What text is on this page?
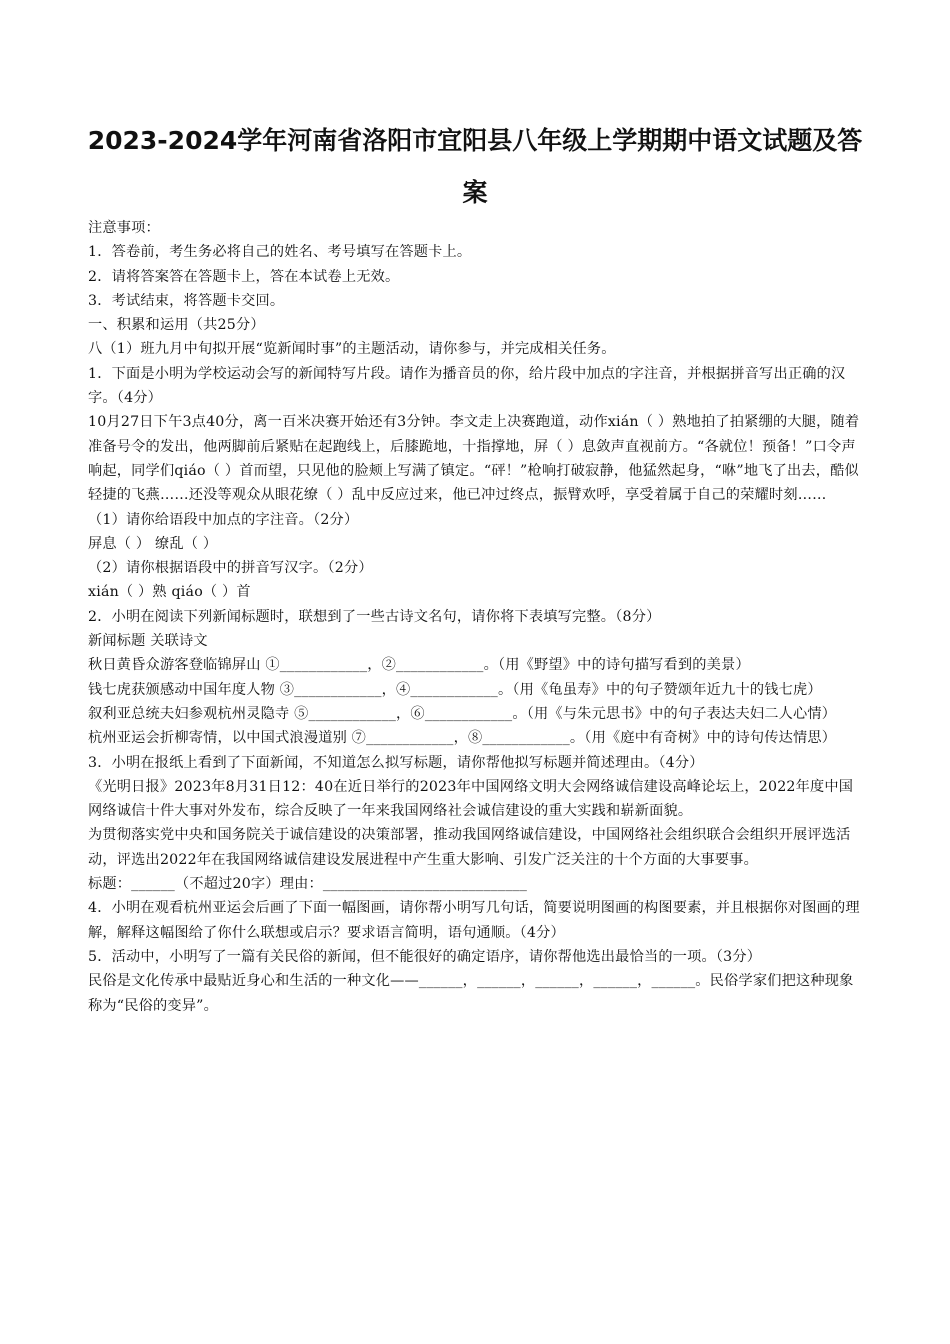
2023-2024学年河南省洛阳市宜阳县八年级上学期期中语文试题及答
案

注意事项：

1．答卷前，考生务必将自己的姓名、考号填写在答题卡上。

2．请将答案答在答题卡上，答在本试卷上无效。

3．考试结束，将答题卡交回。

一、积累和运用（共25分）

八（1）班九月中旬拟开展“览新闻时事”的主题活动，请你参与，并完成相关任务。

1．下面是小明为学校运动会写的新闻特写片段。请作为播音员的你，给片段中加点的字注音，并根据拼音写出正确的汉字。（4分）

10月27日下午3点40分，离一百米决赛开始还有3分钟。李文走上决赛跑道，动作xián（ ）熟地拍了拍紧绷的大腿，随着准备号令的发出，他两脚前后紧贴在起跑线上，后膝跪地，十指撑地，屏（ ）息敛声直视前方。“各就位！预备！”口令声响起，同学们qiáo（ ）首而望，只见他的脸颊上写满了镇定。“砰！”枪响打破寂静，他猛然起身，“咻”地飞了出去，酷似轻捷的飞燕……还没等观众从眼花缭（ ）乱中反应过来，他已冲过终点，振臂欢呼，享受着属于自己的荣耀时刻……

（1）请你给语段中加点的字注音。（2分）

屏息（ ） 缭乱（ ）

（2）请你根据语段中的拼音写汉字。（2分）

xián（ ）熟 qiáo（ ）首

2．小明在阅读下列新闻标题时，联想到了一些古诗文名句，请你将下表填写完整。（8分）

新闻标题 关联诗文

秋日黄昏众游客登临锦屏山 ①____________，②____________。（用《野望》中的诗句描写看到的美景）

钱七虎获颁感动中国年度人物 ③____________，④____________。（用《龟虽寿》中的句子赞颂年近九十的钱七虎）

叙利亚总统夫妇参观杭州灵隐寺 ⑤____________，⑥____________。（用《与朱元思书》中的句子表达夫妇二人心情）

杭州亚运会折柳寄情，以中国式浪漫道别 ⑦____________，⑧____________。（用《庭中有奇树》中的诗句传达情思）

3．小明在报纸上看到了下面新闻，不知道怎么拟写标题，请你帮他拟写标题并简述理由。（4分）

《光明日报》2023年8月31日12：40在近日举行的2023年中国网络文明大会网络诚信建设高峰论坛上，2022年度中国网络诚信十件大事对外发布，综合反映了一年来我国网络社会诚信建设的重大实践和崭新面貌。

为贯彻落实党中央和国务院关于诚信建设的决策部署，推动我国网络诚信建设，中国网络社会组织联合会组织开展评选活动，评选出2022年在我国网络诚信建设发展进程中产生重大影响、引发广泛关注的十个方面的大事要事。

标题：______（不超过20字）理由：____________________________

4．小明在观看杭州亚运会后画了下面一幅图画，请你帮小明写几句话，简要说明图画的构图要素，并且根据你对图画的理解，解释这幅图给了你什么联想或启示？要求语言简明，语句通顺。（4分）

5．活动中，小明写了一篇有关民俗的新闻，但不能很好的确定语序，请你帮他选出最恰当的一项。（3分）

民俗是文化传承中最贴近身心和生活的一种文化——______，______，______，______，______。民俗学家们把这种现象称为“民俗的变异”。
